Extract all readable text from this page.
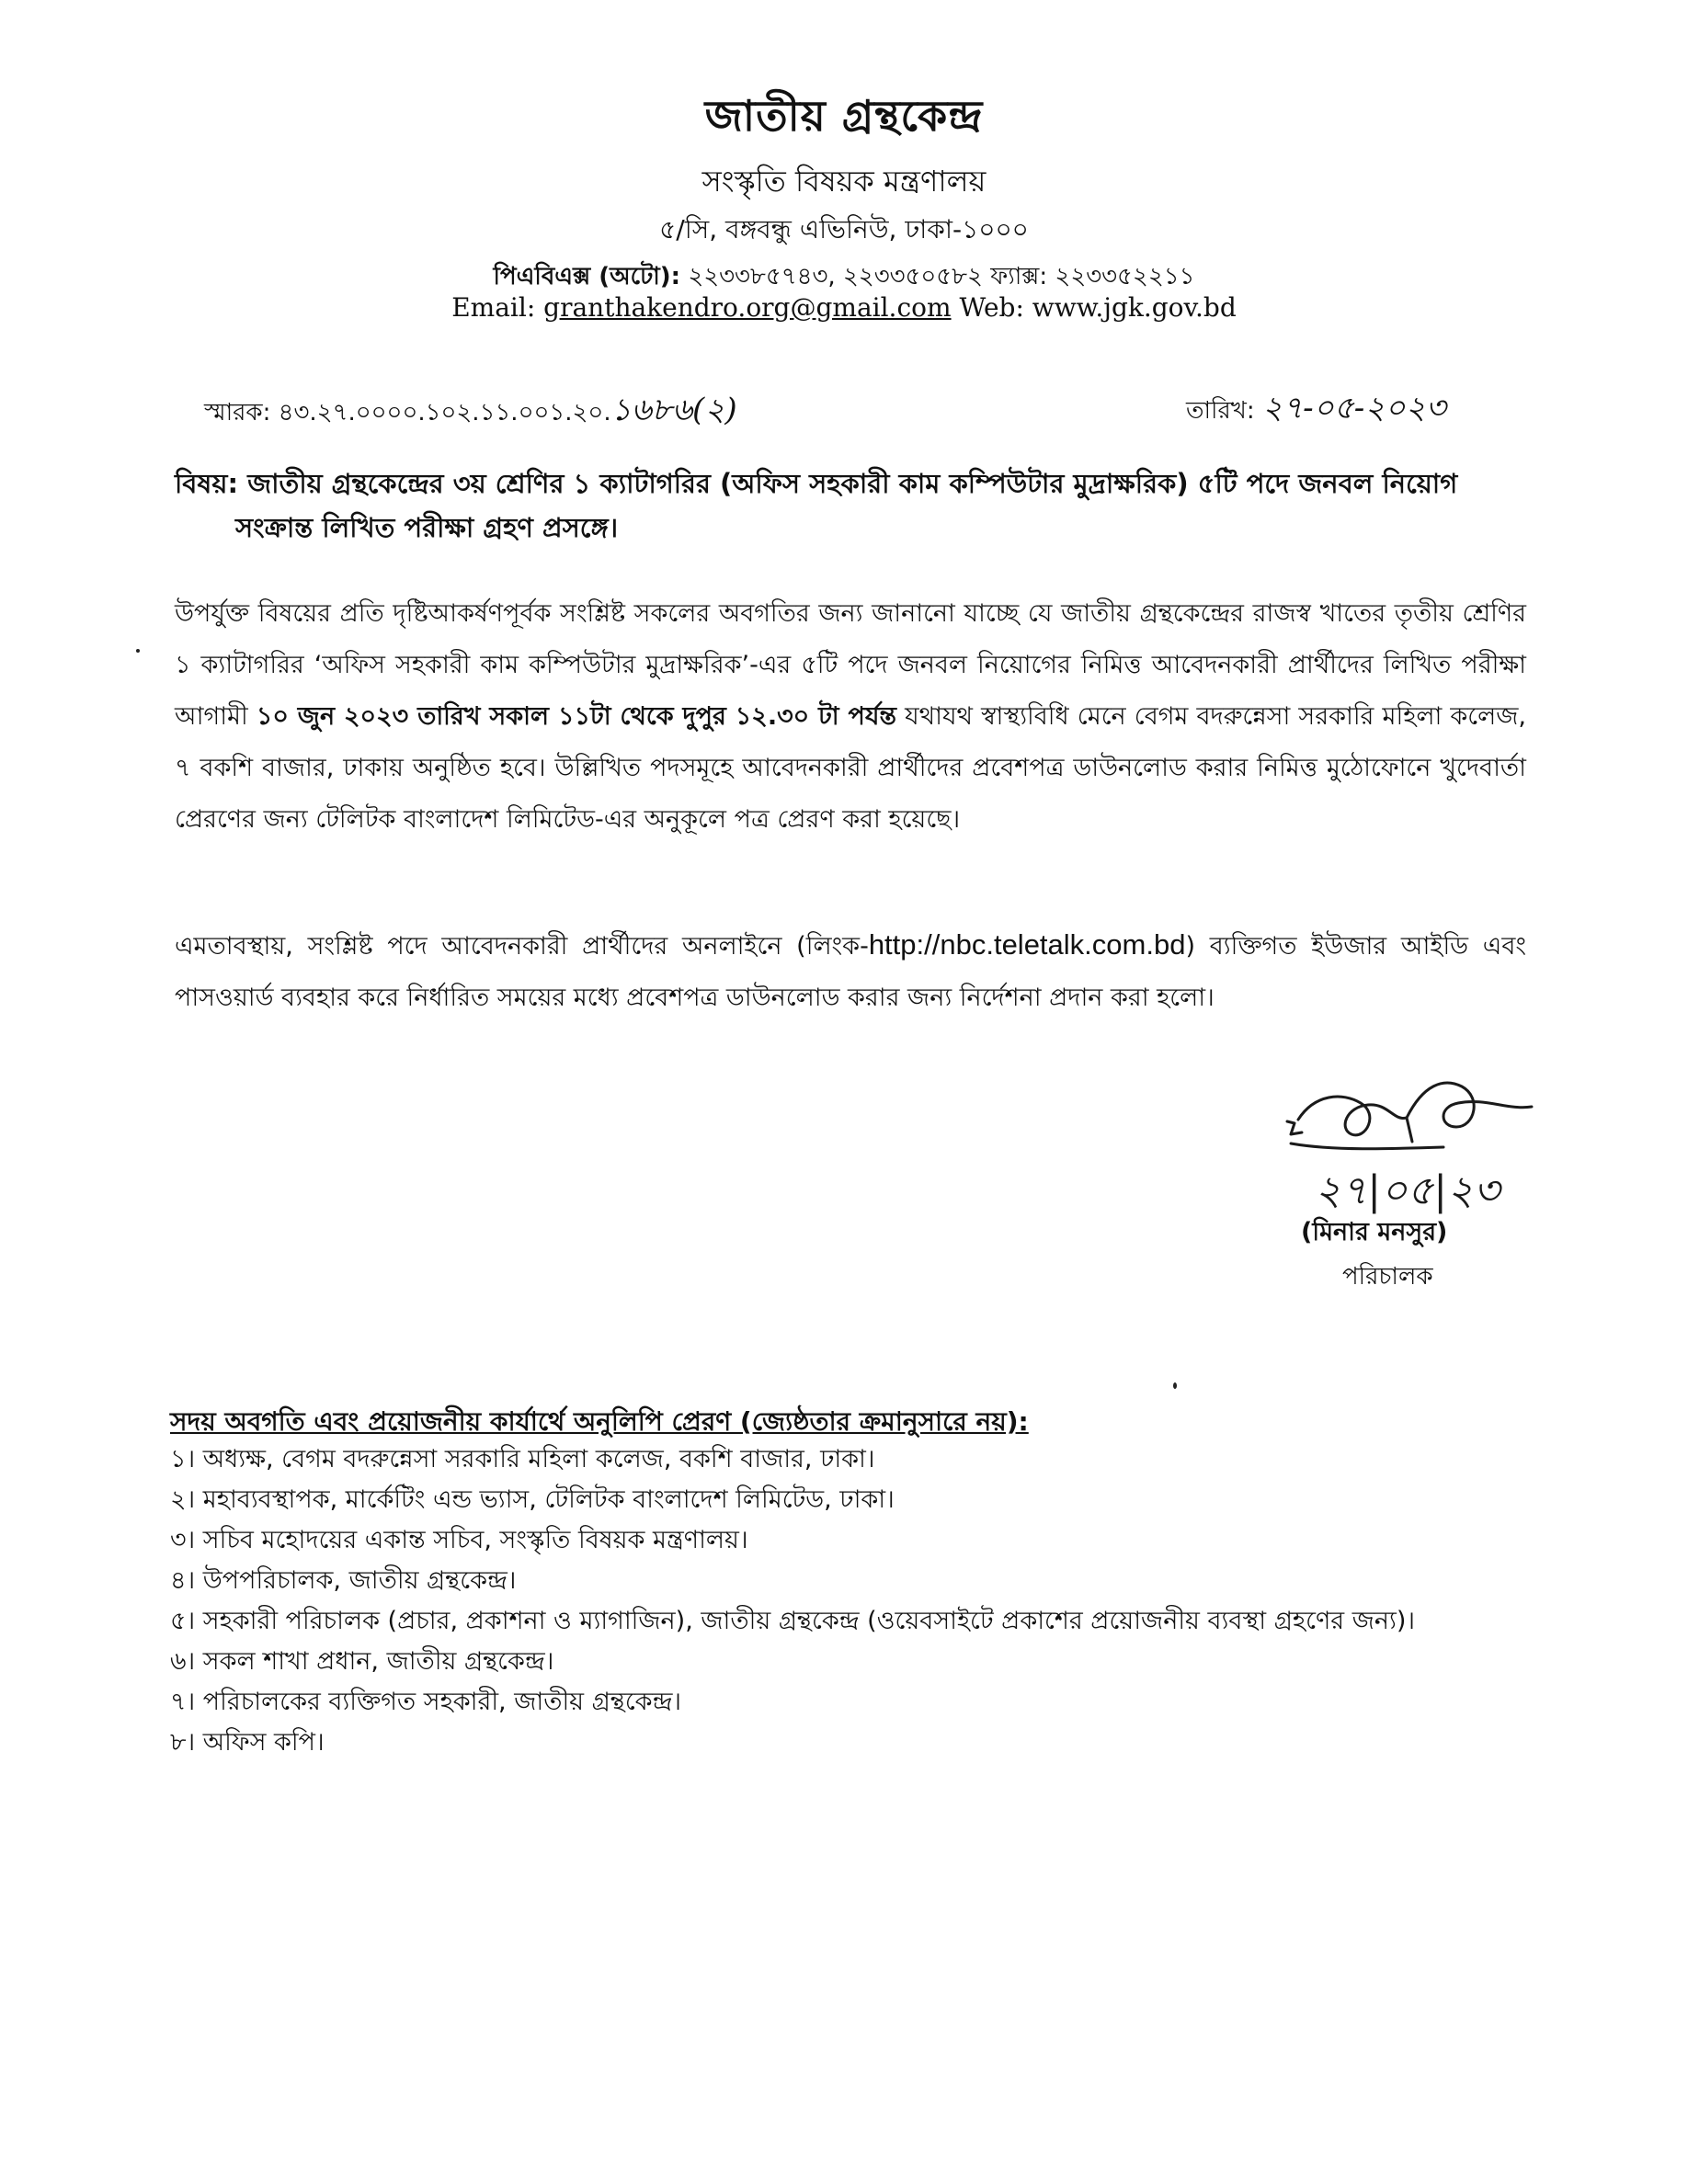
জাতীয় গ্রন্থকেন্দ্র
সংস্কৃতি বিষয়ক মন্ত্রণালয়
৫/সি, বঙ্গবন্ধু এভিনিউ, ঢাকা-১০০০
পিএবিএক্স (অটো): ২২৩৩৮৫৭৪৩, ২২৩৩৫০৫৮২ ফ্যাক্স: ২২৩৩৫২২১১
Email: granthakendro.org@gmail.com Web: www.jgk.gov.bd
স্মারক: ৪৩.২৭.০০০০.১০২.১১.০০১.২০.১৬৮৬(২)	তারিখ: ২৭-০৫-২০২৩
বিষয়: জাতীয় গ্রন্থকেন্দ্রের ৩য় শ্রেণির ১ ক্যাটাগরির (অফিস সহকারী কাম কম্পিউটার মুদ্রাক্ষরিক) ৫টি পদে জনবল নিয়োগ
সংক্রান্ত লিখিত পরীক্ষা গ্রহণ প্রসঙ্গে।
উপর্যুক্ত বিষয়ের প্রতি দৃষ্টিআকর্ষণপূর্বক সংশ্লিষ্ট সকলের অবগতির জন্য জানানো যাচ্ছে যে জাতীয় গ্রন্থকেন্দ্রের রাজস্ব খাতের তৃতীয় শ্রেণির ১ ক্যাটাগরির ‘অফিস সহকারী কাম কম্পিউটার মুদ্রাক্ষরিক’-এর ৫টি পদে জনবল নিয়োগের নিমিত্ত আবেদনকারী প্রার্থীদের লিখিত পরীক্ষা আগামী ১০ জুন ২০২৩ তারিখ সকাল ১১টা থেকে দুপুর ১২.৩০ টা পর্যন্ত যথাযথ স্বাস্থ্যবিধি মেনে বেগম বদরুন্নেসা সরকারি মহিলা কলেজ, ৭ বকশি বাজার, ঢাকায় অনুষ্ঠিত হবে। উল্লিখিত পদসমূহে আবেদনকারী প্রার্থীদের প্রবেশপত্র ডাউনলোড করার নিমিত্ত মুঠোফোনে খুদেবার্তা প্রেরণের জন্য টেলিটক বাংলাদেশ লিমিটেড-এর অনুকূলে পত্র প্রেরণ করা হয়েছে।
এমতাবস্থায়, সংশ্লিষ্ট পদে আবেদনকারী প্রার্থীদের অনলাইনে (লিংক-http://nbc.teletalk.com.bd) ব্যক্তিগত ইউজার আইডি এবং পাসওয়ার্ড ব্যবহার করে নির্ধারিত সময়ের মধ্যে প্রবেশপত্র ডাউনলোড করার জন্য নির্দেশনা প্রদান করা হলো।
২৭|০৫|২৩
(মিনার মনসুর)
পরিচালক
সদয় অবগতি এবং প্রয়োজনীয় কার্যার্থে অনুলিপি প্রেরণ (জ্যেষ্ঠতার ক্রমানুসারে নয়):
১। অধ্যক্ষ, বেগম বদরুন্নেসা সরকারি মহিলা কলেজ, বকশি বাজার, ঢাকা।
২। মহাব্যবস্থাপক, মার্কেটিং এন্ড ভ্যাস, টেলিটক বাংলাদেশ লিমিটেড, ঢাকা।
৩। সচিব মহোদয়ের একান্ত সচিব, সংস্কৃতি বিষয়ক মন্ত্রণালয়।
৪। উপপরিচালক, জাতীয় গ্রন্থকেন্দ্র।
৫। সহকারী পরিচালক (প্রচার, প্রকাশনা ও ম্যাগাজিন), জাতীয় গ্রন্থকেন্দ্র (ওয়েবসাইটে প্রকাশের প্রয়োজনীয় ব্যবস্থা গ্রহণের জন্য)।
৬। সকল শাখা প্রধান, জাতীয় গ্রন্থকেন্দ্র।
৭। পরিচালকের ব্যক্তিগত সহকারী, জাতীয় গ্রন্থকেন্দ্র।
৮। অফিস কপি।
